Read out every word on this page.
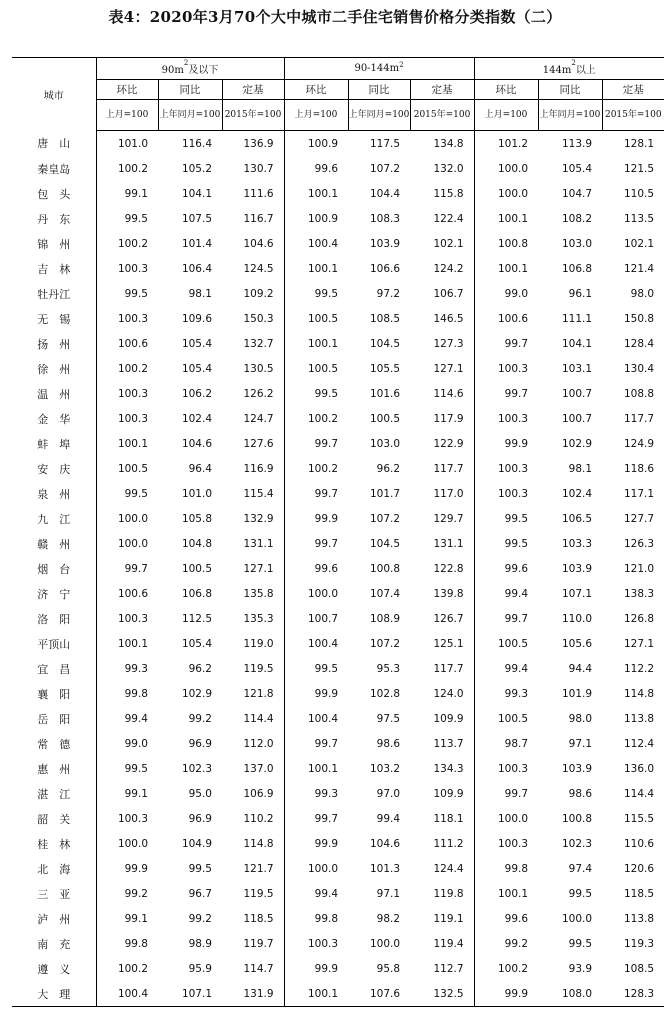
表4：2020年3月70个大中城市二手住宅销售价格分类指数（二）
城市	$90m^2$及以下			$90-144m^2$			$144m^2$以上		
	环比	同比	定基	环比	同比	定基	环比	同比	定基
	上月=100	上年同月=100	2015年=100	上月=100	上年同月=100	2015年=100	上月=100	上年同月=100	2015年=100
唐　山	101.0	116.4	136.9	100.9	117.5	134.8	101.2	113.9	128.1
秦皇岛	100.2	105.2	130.7	99.6	107.2	132.0	100.0	105.4	121.5
包　头	99.1	104.1	111.6	100.1	104.4	115.8	100.0	104.7	110.5
丹　东	99.5	107.5	116.7	100.9	108.3	122.4	100.1	108.2	113.5
锦　州	100.2	101.4	104.6	100.4	103.9	102.1	100.8	103.0	102.1
吉　林	100.3	106.4	124.5	100.1	106.6	124.2	100.1	106.8	121.4
牡丹江	99.5	98.1	109.2	99.5	97.2	106.7	99.0	96.1	98.0
无　锡	100.3	109.6	150.3	100.5	108.5	146.5	100.6	111.1	150.8
扬　州	100.6	105.4	132.7	100.1	104.5	127.3	99.7	104.1	128.4
徐　州	100.2	105.4	130.5	100.5	105.5	127.1	100.3	103.1	130.4
温　州	100.3	106.2	126.2	99.5	101.6	114.6	99.7	100.7	108.8
金　华	100.3	102.4	124.7	100.2	100.5	117.9	100.3	100.7	117.7
蚌　埠	100.1	104.6	127.6	99.7	103.0	122.9	99.9	102.9	124.9
安　庆	100.5	96.4	116.9	100.2	96.2	117.7	100.3	98.1	118.6
泉　州	99.5	101.0	115.4	99.7	101.7	117.0	100.3	102.4	117.1
九　江	100.0	105.8	132.9	99.9	107.2	129.7	99.5	106.5	127.7
赣　州	100.0	104.8	131.1	99.7	104.5	131.1	99.5	103.3	126.3
烟　台	99.7	100.5	127.1	99.6	100.8	122.8	99.6	103.9	121.0
济　宁	100.6	106.8	135.8	100.0	107.4	139.8	99.4	107.1	138.3
洛　阳	100.3	112.5	135.3	100.7	108.9	126.7	99.7	110.0	126.8
平顶山	100.1	105.4	119.0	100.4	107.2	125.1	100.5	105.6	127.1
宜　昌	99.3	96.2	119.5	99.5	95.3	117.7	99.4	94.4	112.2
襄　阳	99.8	102.9	121.8	99.9	102.8	124.0	99.3	101.9	114.8
岳　阳	99.4	99.2	114.4	100.4	97.5	109.9	100.5	98.0	113.8
常　德	99.0	96.9	112.0	99.7	98.6	113.7	98.7	97.1	112.4
惠　州	99.5	102.3	137.0	100.1	103.2	134.3	100.3	103.9	136.0
湛　江	99.1	95.0	106.9	99.3	97.0	109.9	99.7	98.6	114.4
韶　关	100.3	96.9	110.2	99.7	99.4	118.1	100.0	100.8	115.5
桂　林	100.0	104.9	114.8	99.9	104.6	111.2	100.3	102.3	110.6
北　海	99.9	99.5	121.7	100.0	101.3	124.4	99.8	97.4	120.6
三　亚	99.2	96.7	119.5	99.4	97.1	119.8	100.1	99.5	118.5
泸　州	99.1	99.2	118.5	99.8	98.2	119.1	99.6	100.0	113.8
南　充	99.8	98.9	119.7	100.3	100.0	119.4	99.2	99.5	119.3
遵　义	100.2	95.9	114.7	99.9	95.8	112.7	100.2	93.9	108.5
大　理	100.4	107.1	131.9	100.1	107.6	132.5	99.9	108.0	128.3
